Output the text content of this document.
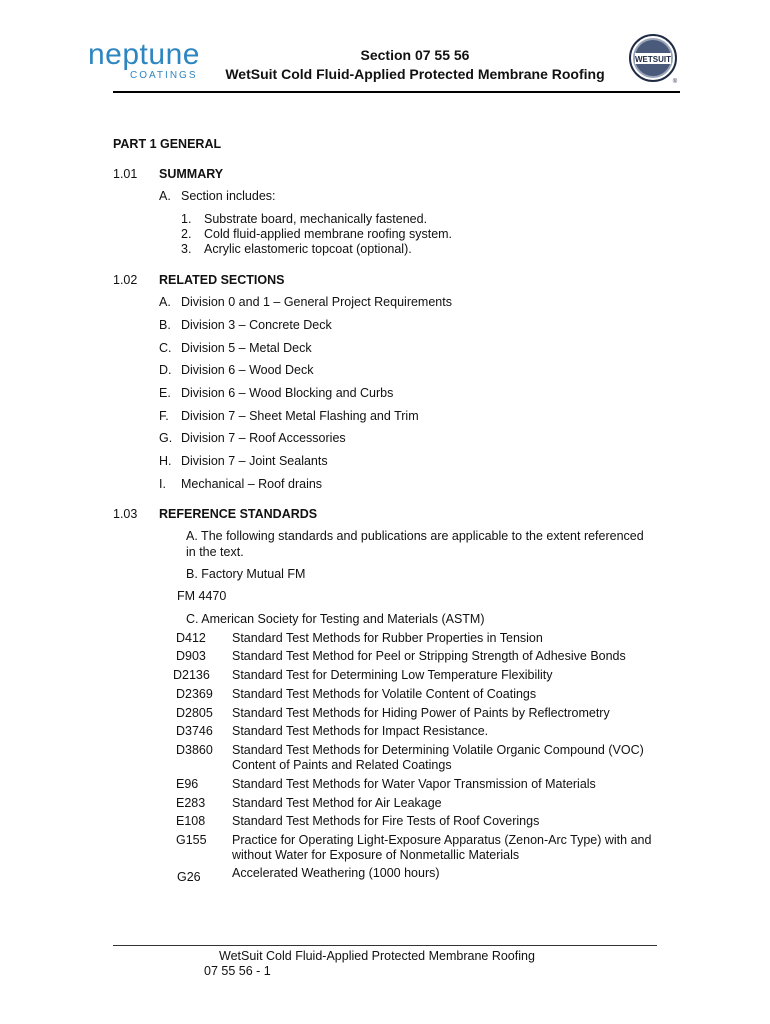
neptune
COATINGS
Section 07 55 56
WetSuit Cold Fluid-Applied Protected Membrane Roofing
WETSUIT
®
PART 1 GENERAL
1.01 SUMMARY
A. Section includes:
1. Substrate board, mechanically fastened.
2. Cold fluid-applied membrane roofing system.
3. Acrylic elastomeric topcoat (optional).
1.02 RELATED SECTIONS
A. Division 0 and 1 – General Project Requirements
B. Division 3 – Concrete Deck
C. Division 5 – Metal Deck
D. Division 6 – Wood Deck
E. Division 6 – Wood Blocking and Curbs
F. Division 7 – Sheet Metal Flashing and Trim
G. Division 7 – Roof Accessories
H. Division 7 – Joint Sealants
I. Mechanical – Roof drains
1.03 REFERENCE STANDARDS
A. The following standards and publications are applicable to the extent referenced
in the text.
B. Factory Mutual FM
FM 4470
C. American Society for Testing and Materials (ASTM)
D412 Standard Test Methods for Rubber Properties in Tension
D903 Standard Test Method for Peel or Stripping Strength of Adhesive Bonds
D2136 Standard Test for Determining Low Temperature Flexibility
D2369 Standard Test Methods for Volatile Content of Coatings
D2805 Standard Test Methods for Hiding Power of Paints by Reflectrometry
D3746 Standard Test Methods for Impact Resistance.
D3860 Standard Test Methods for Determining Volatile Organic Compound (VOC)
Content of Paints and Related Coatings
E96	Standard Test Methods for Water Vapor Transmission of Materials
E283 Standard Test Method for Air Leakage
E108 Standard Test Methods for Fire Tests of Roof Coverings
G155 Practice for Operating Light-Exposure Apparatus (Zenon-Arc Type) with and
without Water for Exposure of Nonmetallic Materials
G26	Accelerated Weathering (1000 hours)
WetSuit Cold Fluid-Applied Protected Membrane Roofing
07 55 56 - 1
